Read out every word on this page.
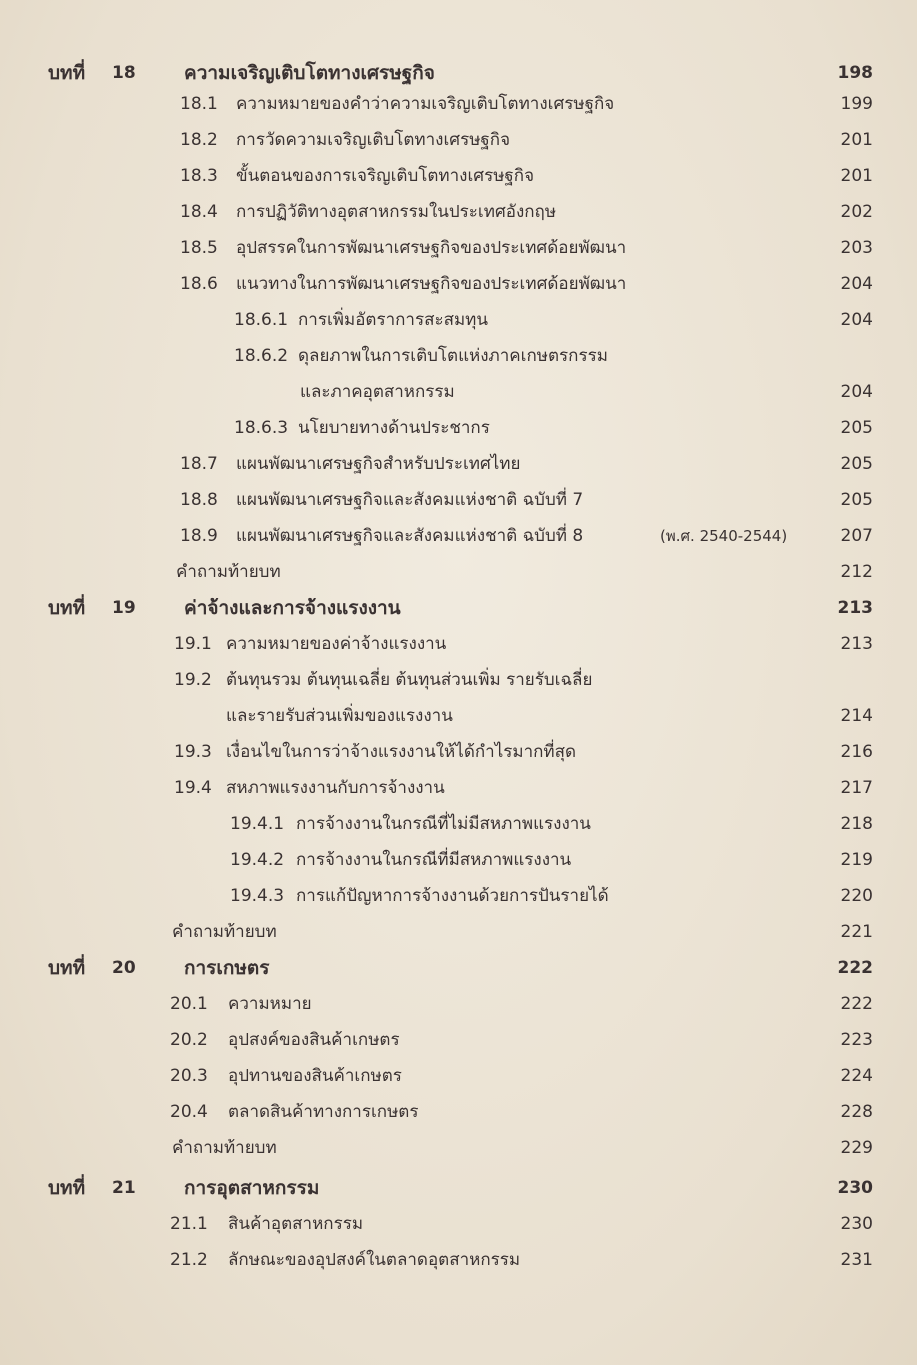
บทที่ 18	ความเจริญเติบโตทางเศรษฐกิจ	198
18.1 ความหมายของคำว่าความเจริญเติบโตทางเศรษฐกิจ	199
18.2 การวัดความเจริญเติบโตทางเศรษฐกิจ	201
18.3 ขั้นตอนของการเจริญเติบโตทางเศรษฐกิจ	201
18.4 การปฏิวัติทางอุตสาหกรรมในประเทศอังกฤษ	202
18.5 อุปสรรคในการพัฒนาเศรษฐกิจของประเทศด้อยพัฒนา	203
18.6 แนวทางในการพัฒนาเศรษฐกิจของประเทศด้อยพัฒนา	204
18.6.1 การเพิ่มอัตราการสะสมทุน	204
18.6.2 ดุลยภาพในการเติบโตแห่งภาคเกษตรกรรม
และภาคอุตสาหกรรม	204
18.6.3 นโยบายทางด้านประชากร	205
18.7 แผนพัฒนาเศรษฐกิจสำหรับประเทศไทย	205
18.8 แผนพัฒนาเศรษฐกิจและสังคมแห่งชาติ ฉบับที่ 7	205
18.9 แผนพัฒนาเศรษฐกิจและสังคมแห่งชาติ ฉบับที่ 8	(พ.ศ. 2540-2544)	207
คำถามท้ายบท	212
บทที่ 19	ค่าจ้างและการจ้างแรงงาน	213
19.1 ความหมายของค่าจ้างแรงงาน	213
19.2 ต้นทุนรวม ต้นทุนเฉลี่ย ต้นทุนส่วนเพิ่ม รายรับเฉลี่ย
และรายรับส่วนเพิ่มของแรงงาน	214
19.3 เงื่อนไขในการว่าจ้างแรงงานให้ได้กำไรมากที่สุด	216
19.4 สหภาพแรงงานกับการจ้างงาน	217
19.4.1 การจ้างงานในกรณีที่ไม่มีสหภาพแรงงาน	218
19.4.2 การจ้างงานในกรณีที่มีสหภาพแรงงาน	219
19.4.3 การแก้ปัญหาการจ้างงานด้วยการปันรายได้	220
คำถามท้ายบท	221
บทที่ 20	การเกษตร	222
20.1 ความหมาย	222
20.2 อุปสงค์ของสินค้าเกษตร	223
20.3 อุปทานของสินค้าเกษตร	224
20.4 ตลาดสินค้าทางการเกษตร	228
คำถามท้ายบท	229
บทที่ 21	การอุตสาหกรรม	230
21.1 สินค้าอุตสาหกรรม	230
21.2 ลักษณะของอุปสงค์ในตลาดอุตสาหกรรม	231
